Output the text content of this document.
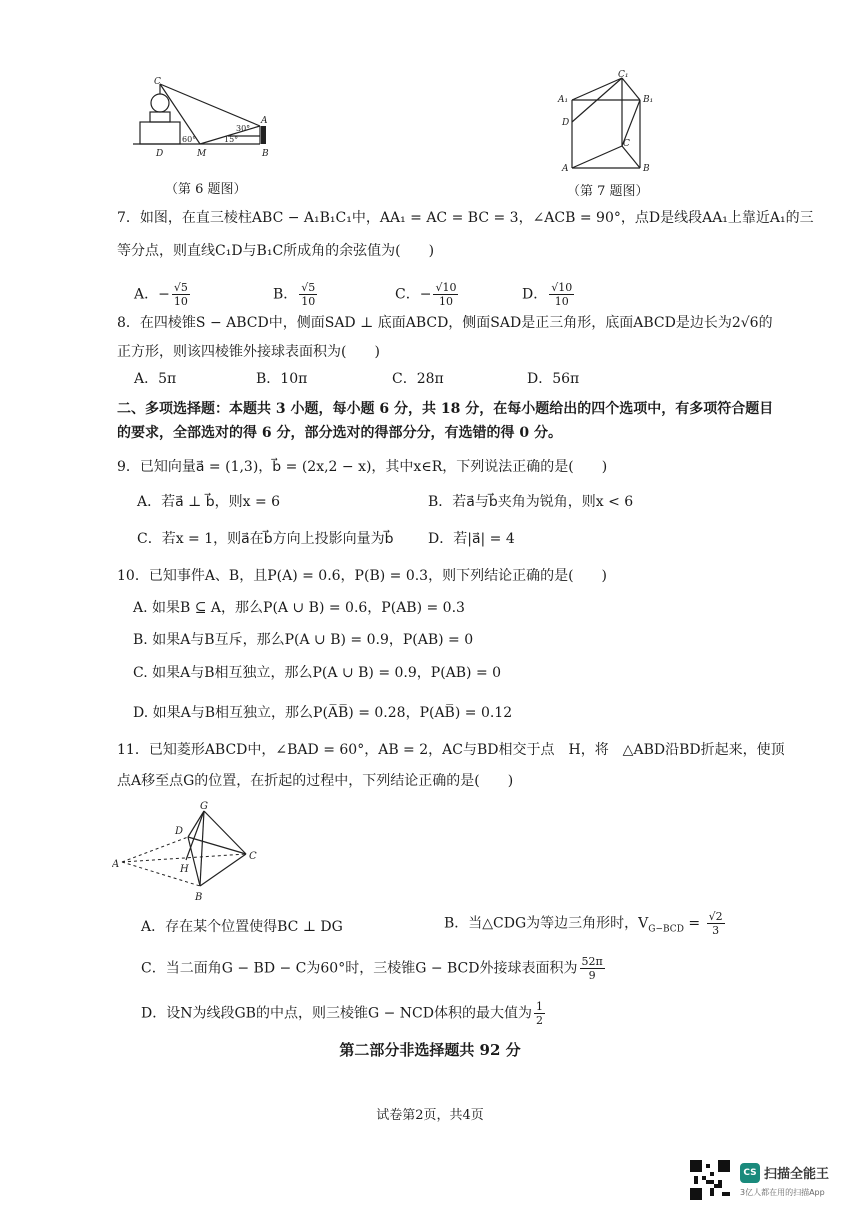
C
A
B
D	M
30°
60°	15°
（第 6 题图）
C₁
A₁	B₁
D
A	B
C
（第 7 题图）
7．如图，在直三棱柱ABC − A₁B₁C₁中，AA₁ = AC = BC = 3，∠ACB = 90°，点D是线段AA₁上靠近A₁的三
等分点，则直线C₁D与B₁C所成角的余弦值为(　　)
A．− $\frac{√5}{10}$	B． $\frac{√5}{10}$	C．− $\frac{√10}{10}$	D． $\frac{√10}{10}$
8．在四棱锥S − ABCD中，侧面SAD ⊥ 底面ABCD，侧面SAD是正三角形，底面ABCD是边长为2√6的
正方形，则该四棱锥外接球表面积为(　　)
A．5π	B．10π	C．28π	D．56π
二、多项选择题：本题共 3 小题，每小题 6 分，共 18 分，在每小题给出的四个选项中，有多项符合题目
的要求，全部选对的得 6 分，部分选对的得部分分，有选错的得 0 分。
9．已知向量a⃗ = (1,3)，b⃗ = (2x,2 − x)，其中x∈R，下列说法正确的是(　　)
A．若a⃗ ⊥ b⃗，则x = 6	B．若a⃗与b⃗夹角为锐角，则x < 6
C．若x = 1，则a⃗在b⃗方向上投影向量为b⃗ D．若|a⃗| = 4
10．已知事件A、B，且P(A) = 0.6，P(B) = 0.3，则下列结论正确的是(　　)
A. 如果B ⊆ A，那么P(A ∪ B) = 0.6，P(AB) = 0.3
B. 如果A与B互斥，那么P(A ∪ B) = 0.9，P(AB) = 0
C. 如果A与B相互独立，那么P(A ∪ B) = 0.9，P(AB) = 0
D. 如果A与B相互独立，那么P(A̅B̅) = 0.28，P(AB̅) = 0.12
11．已知菱形ABCD中，∠BAD = 60°，AB = 2，AC与BD相交于点　H，将　△ABD沿BD折起来，使顶
点A移至点G的位置，在折起的过程中，下列结论正确的是(　　)
G
D
A	H
C
B
A．存在某个位置使得BC ⊥ DG	B．当△CDG为等边三角形时，$V_{G-BCD} = \frac{√2}{3}$
C．当二面角G − BD − C为60°时，三棱锥G − BCD外接球表面积为 $\frac{52\pi}{9}$
D．设N为线段GB的中点，则三棱锥G − NCD体积的最大值为 $\frac{1}{2}$
第二部分非选择题共 92 分
试卷第2页，共4页
CS 扫描全能王
3亿人都在用的扫描App
